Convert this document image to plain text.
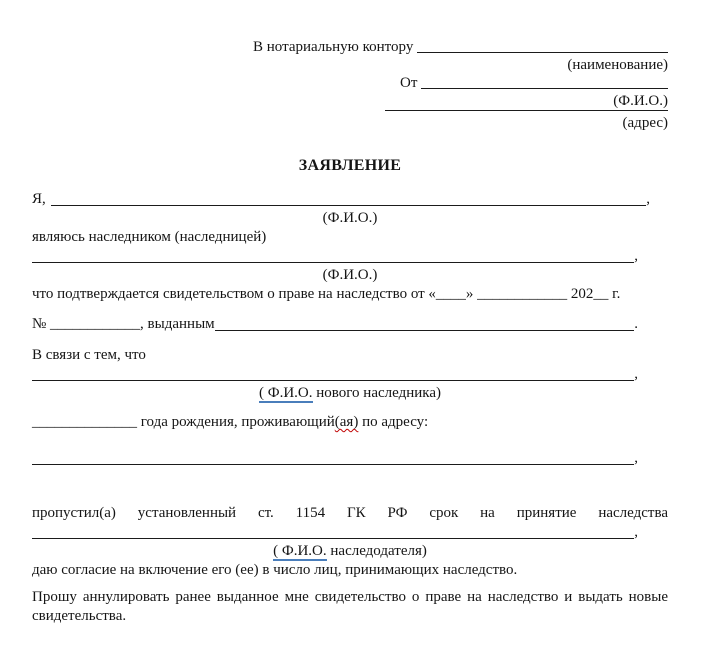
В нотариальную контору
(наименование)
От
(Ф.И.О.)
(адрес)
ЗАЯВЛЕНИЕ
Я,	,
(Ф.И.О.)
являюсь наследником (наследницей)
,
(Ф.И.О.)
что подтверждается свидетельством о праве на наследство от «____» ____________ 202__ г.
№ ____________, выданным	.
В связи с тем, что
,
( Ф.И.О. нового наследника)
______________ года рождения, проживающий(ая) по адресу:
,
пропустил(а) установленный ст. 1154 ГК РФ срок на принятие наследства
,
( Ф.И.О. наследодателя)
даю согласие на включение его (ее) в число лиц, принимающих наследство.
Прошу аннулировать ранее выданное мне свидетельство о праве на наследство и выдать новые свидетельства.
